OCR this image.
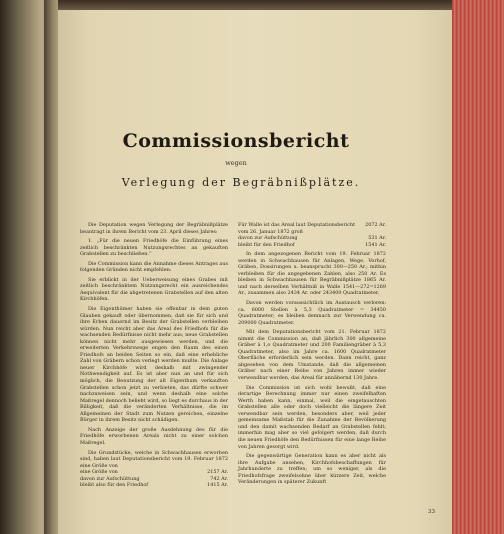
Commissionsbericht
wegen
Verlegung der Begräbnißplätze.

Die Deputation wegen Verlegung der Begräbnißplätze beantragt in ihrem Bericht vom 23. April dieses Jahres:

1. „Für die neuen Friedhöfe die Einführung eines zeitlich beschränkten Nutzungsrechtes an gekauften Grabstellen zu beschließen.“

Die Commission kann die Annahme dieses Antrages aus folgenden Gründen nicht empfehlen:

Sie erblickt in der Ueberweisung eines Grabes mit zeitlich beschränktem Nutzungsrecht ein ausreichendes Aequivalent für die abgetretenen Grabstellen auf den alten Kirchhöfen.

Die Eigenthümer haben sie offenbar in dem guten Glauben gekauft oder übernommen, daß sie für sich und ihre Erben dauernd im Besitz der Grabstellen verbleiben würden. Nun reicht aber das Areal des Friedhofs für die wachsenden Bedürfnisse nicht mehr aus; neue Grabstellen können nicht mehr ausgewiesen werden, und die erweiterten Verkehrswege engen den Raum des einen Friedhofs an beiden Seiten so ein, daß eine erhebliche Zahl von Gräbern schon verlegt werden mußte. Die Anlage neuer Kirchhöfe wird deshalb mit zwingender Nothwendigkeit auf. Es ist aber nun an und für sich möglich, die Benutzung der alt Eigenthum verkauften Grabstellen schon jetzt zu verbieten, das dürfte schwer nachzuweisen sein, und wenn deshalb eine solche Maßregel dennoch beliebt wird, so liegt es durchaus in der Billigkeit, daß die veränderten Verhältnisse, die im Allgemeinen der Stadt zum Nutzen gereichen, einzelne Bürger in ihrem Besitz nicht schädigen.

Nach Anzeige der große Ausdehnung des für die Friedhöfe erworbenen Areals nicht zu einer solchen Maßregel.

Die Grundstücke, welche in Schwachhausen erworben sind, haben laut Deputationsbericht vom 19. Februar 1872 eine Größe von

eine Größe von	2157 Ar.
davon zur Aufschüttung	742 Ar.
bleibt also für den Friedhof	1415 Ar.
Für Walle ist das Areal laut Deputationsbericht vom 26. Januar 1872 groß
2072 Ar.
davon zur Aufschüttung	531 Ar.
bleibt für den Friedhof	1541 Ar.

In dem angezogenen Bericht vom 19. Februar 1872 werden in Schwachhausen für Anlagen, Wege, Vorhof, Gräben, Dossirungen u. beansprucht 300—250 Ar.; mithin verbleiben für die angegebenen Zahlen, also 250 Ar. Es bleiben in Schwachhausen für Begräbnißplätze 1865 Ar. und nach derselben Verhältniß in Walle 1541—272=1269 Ar., zusammen also 2434 Ar. oder 243400 Quadratmeter.

Davon werden voraussichtlich im Austausch verloren: ca. 6000 Stellen à 5,3 Quadratmeter = 34450 Quadratmeter; es bleiben demnach zur Verwendung ca. 209000 Quadratmeter.

Mit dem Deputationsbericht vom 21. Februar 1872 nimmt die Commission an, daß jährlich 300 allgemeine Gräber à 1,o Quadratmeter und 200 Familiengräber à 5,3 Quadratmeter, also im Jahre ca. 1600 Quadratmeter Oberfläche erforderlich sein werden. Dann reicht, ganz abgesehen von dem Umstande, daß die allgemeinen Gräber nach einer Reihe von Jahren immer wieder verwendbar werden, das Areal für annähernd 130 Jahre.

Die Commission ist sich wohl bewußt, daß eine derartige Berechnung immer nur einen zweifelhaften Werth haben kann, einmal, weil die eingetauschten Grabstellen alle oder doch vielleicht die längere Zeit verwendbar sein werden, besonders aber, weil jeder gemeinsame Maßstab für die Zunahme der Bevölkerung und den damit wachsenden Bedarf an Grabstellen fehlt; immerhin mag aber so viel gefolgert werden, daß durch die neuen Friedhöfe den Bedürfnissen für eine lange Reihe von Jahren gesorgt wird.

Die gegenwärtige Generation kann es aber nicht als ihre Aufgabe ansehen, Kirchhofsbeschaffungen für Jahrhunderte zu treffen; um so weniger, als die Friedhofsfrage zweifelsohne über kürzere Zeit, welche Veränderungen in späterer Zukunft

33
